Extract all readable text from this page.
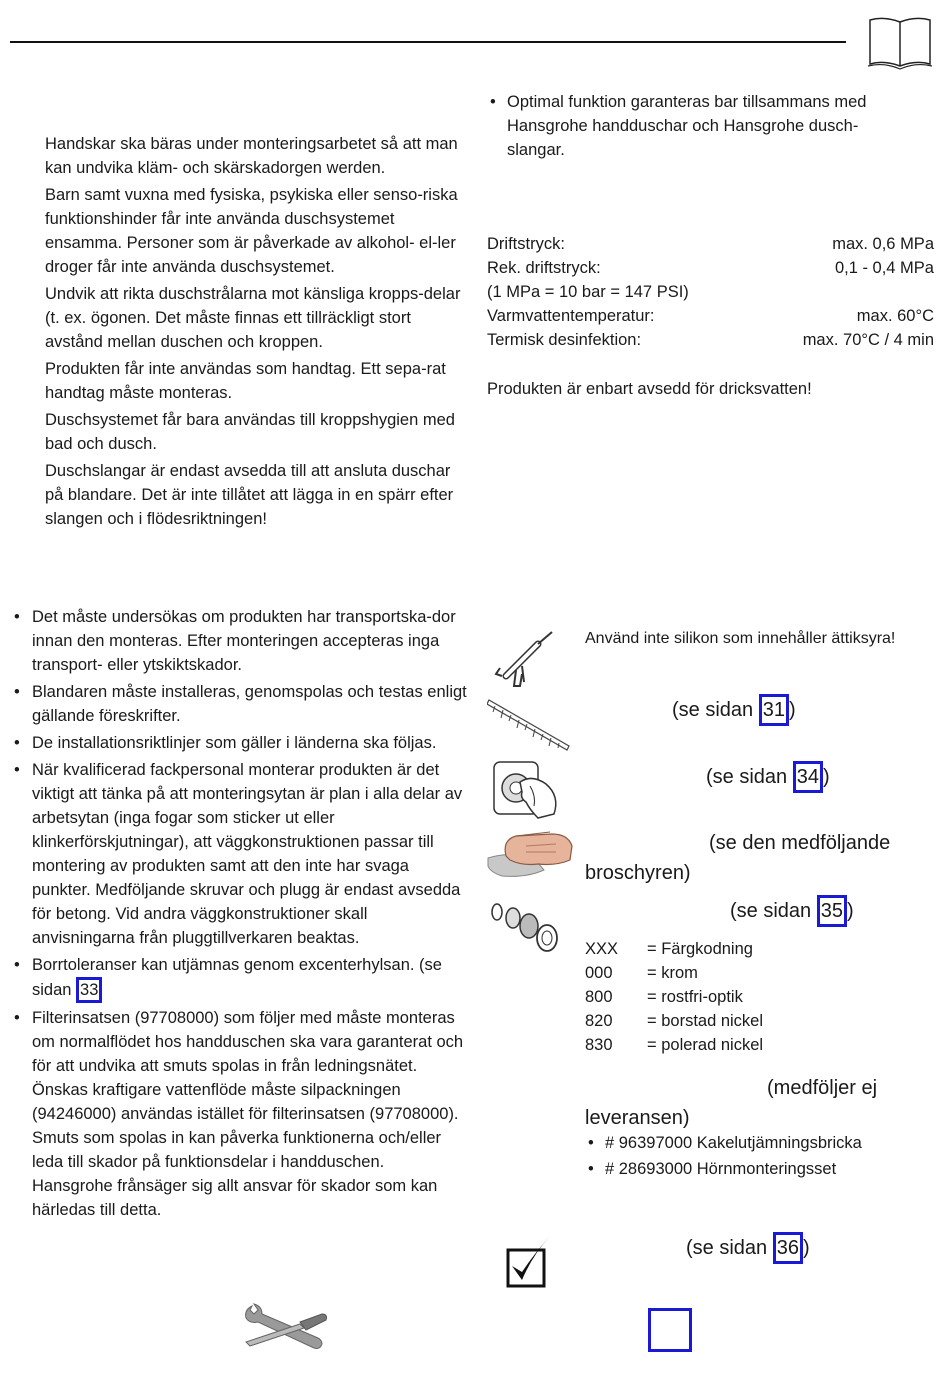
Handskar ska bäras under monteringsarbetet så att man kan undvika kläm- och skärskadorgen werden.

Barn samt vuxna med fysiska, psykiska eller senso-riska funktionshinder får inte använda duschsystemet ensamma. Personer som är påverkade av alkohol- el-ler droger får inte använda duschsystemet.

Undvik att rikta duschstrålarna mot känsliga kropps-delar (t. ex. ögonen. Det måste finnas ett tillräckligt stort avstånd mellan duschen och kroppen.

Produkten får inte användas som handtag. Ett sepa-rat handtag måste monteras.

Duschsystemet får bara användas till kroppshygien med bad och dusch.

Duschslangar är endast avsedda till att ansluta duschar på blandare. Det är inte tillåtet att lägga in en spärr efter slangen och i flödesriktningen!

• Det måste undersökas om produkten har transportska-dor innan den monteras. Efter monteringen accepteras inga transport- eller ytskiktskador.
• Blandaren måste installeras, genomspolas och testas enligt gällande föreskrifter.
• De installationsriktlinjer som gäller i länderna ska följas.
• När kvalificerad fackpersonal monterar produkten är det viktigt att tänka på att monteringsytan är plan i alla delar av arbetsytan (inga fogar som sticker ut eller klinkerförskjutningar), att väggkonstruktionen passar till montering av produkten samt att den inte har svaga punkter. Medföljande skruvar och plugg är endast avsedda för betong. Vid andra väggkonstruktioner skall anvisningarna från pluggtillverkaren beaktas.
• Borrtoleranser kan utjämnas genom excenterhylsan. (se sidan 33
• Filterinsatsen (97708000) som följer med måste monteras om normalflödet hos handduschen ska vara garanterat och för att undvika att smuts spolas in från ledningsnätet. Önskas kraftigare vattenflöde måste silpackningen (94246000) användas istället för filterinsatsen (97708000). Smuts som spolas in kan påverka funktionerna och/eller leda till skador på funktionsdelar i handduschen. Hansgrohe frånsäger sig allt ansvar för skador som kan härledas till detta.
• Optimal funktion garanteras bar tillsammans med Hansgrohe handduschar och Hansgrohe dusch-slangar.
Driftstryck:	max. 0,6 MPa
Rek. driftstryck:	0,1 - 0,4 MPa
(1 MPa = 10 bar = 147 PSI)
Varmvattentemperatur:	max. 60°C
Termisk desinfektion:	max. 70°C / 4 min
Produkten är enbart avsedd för dricksvatten!
Använd inte silikon som innehåller ättiksyra!
(se sidan 31 )
(se sidan 34 )
(se den medföljande broschyren)
(se sidan 35 )
XXX = Färgkodning
000 = krom
800 = rostfri-optik
820 = borstad nickel
830 = polerad nickel
(medföljer ej leveransen)
• # 96397000 Kakelutjämningsbricka
• # 28693000 Hörnmonteringsset
(se sidan 36 )
